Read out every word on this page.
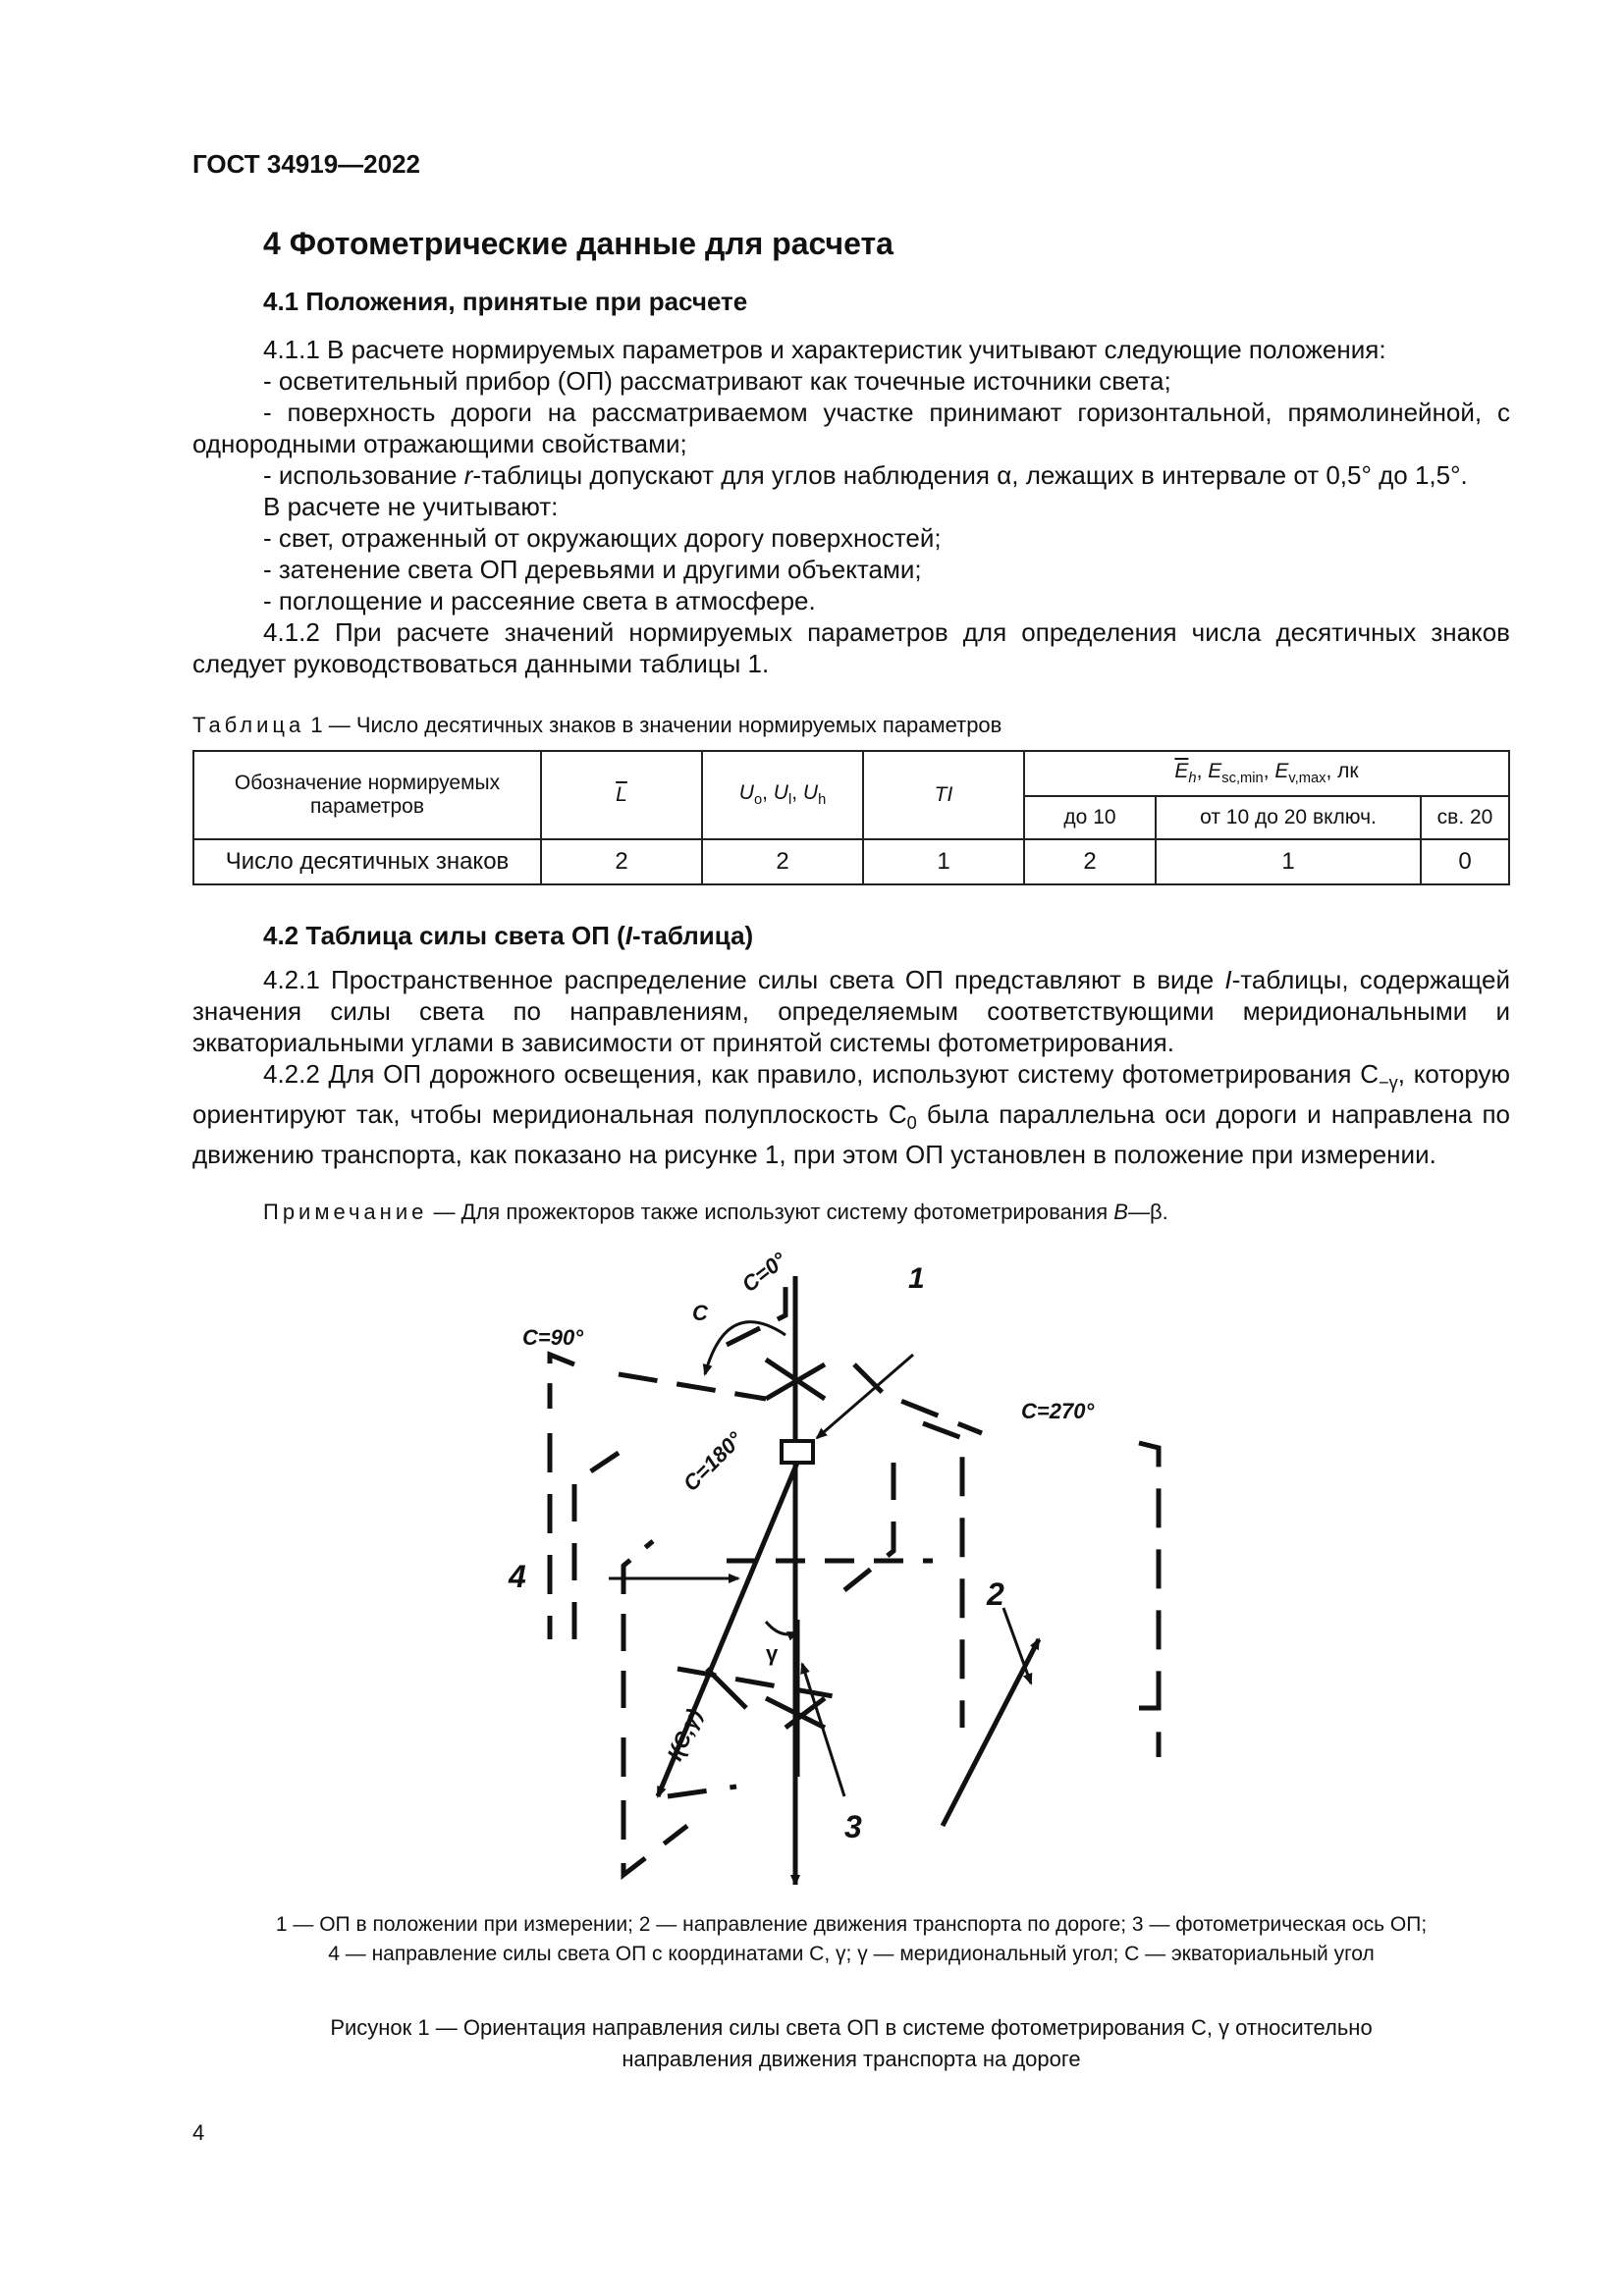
ГОСТ 34919—2022
4 Фотометрические данные для расчета
4.1 Положения, принятые при расчете

4.1.1 В расчете нормируемых параметров и характеристик учитывают следующие положения:

- осветительный прибор (ОП) рассматривают как точечные источники света;

- поверхность дороги на рассматриваемом участке принимают горизонтальной, прямолинейной, с однородными отражающими свойствами;

- использование r-таблицы допускают для углов наблюдения α, лежащих в интервале от 0,5° до 1,5°.

В расчете не учитывают:

- свет, отраженный от окружающих дорогу поверхностей;

- затенение света ОП деревьями и другими объектами;

- поглощение и рассеяние света в атмосфере.

4.1.2 При расчете значений нормируемых параметров для определения числа десятичных знаков следует руководствоваться данными таблицы 1.

Таблица 1 — Число десятичных знаков в значении нормируемых параметров
Обозначение нормируемых параметров	$\overline{L}$	$U_o$, $U_l$, $U_h$	TI	$\overline{E}_h$, $E_{sc,min}$, $E_{v,max}$, лк		
				до 10	от 10 до 20 включ.	св. 20
Число десятичных знаков	2	2	1	2	1	0
4.2 Таблица силы света ОП (I-таблица)

4.2.1 Пространственное распределение силы света ОП представляют в виде I-таблицы, содержащей значения силы света по направлениям, определяемым соответствующими меридиональными и экваториальными углами в зависимости от принятой системы фотометрирования.

4.2.2 Для ОП дорожного освещения, как правило, используют систему фотометрирования $C_{-\gamma}$, которую ориентируют так, чтобы меридиональная полуплоскость $C_0$ была параллельна оси дороги и направлена по движению транспорта, как показано на рисунке 1, при этом ОП установлен в положение при измерении.

Примечание — Для прожекторов также используют систему фотометрирования B—β.
C=90°
C
C=0°	1
C=270°
C=180°
4	2
γ
3
I(C,γ)
1 — ОП в положении при измерении; 2 — направление движения транспорта по дороге; 3 — фотометрическая ось ОП;
4 — направление силы света ОП с координатами C, γ; γ — меридиональный угол; C — экваториальный угол
Рисунок 1 — Ориентация направления силы света ОП в системе фотометрирования C, γ относительно
направления движения транспорта на дороге
4
